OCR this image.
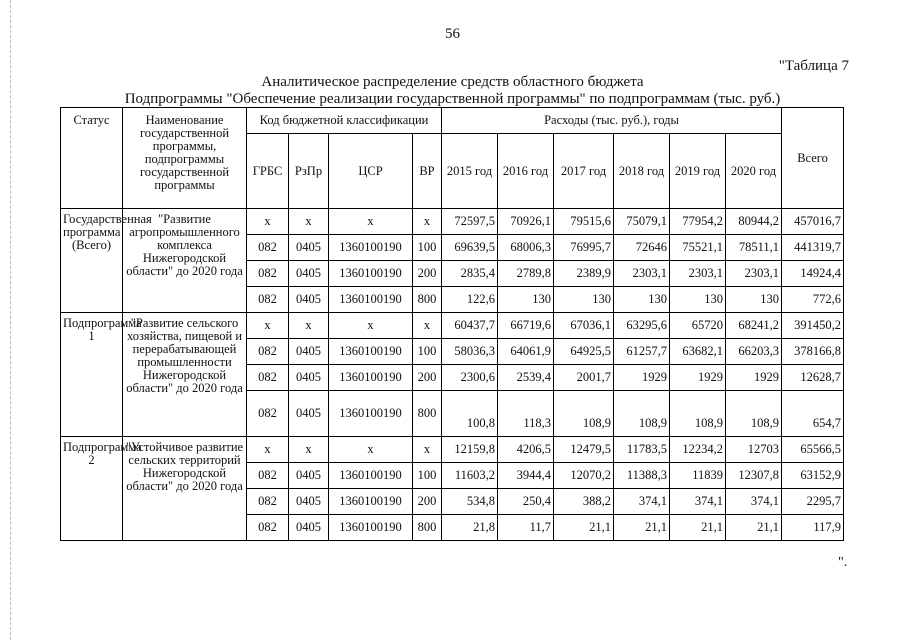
56
"Таблица 7
Аналитическое распределение средств областного бюджета
Подпрограммы "Обеспечение реализации государственной программы" по подпрограммам (тыс. руб.)
Статус	Наименование государственной программы, подпрограммы государственной программы	Код бюджетной классификации				Расходы (тыс. руб.), годы						Всего
		ГРБС	РзПр	ЦСР	ВР	2015 год	2016 год	2017 год	2018 год	2019 год	2020 год	
Государственная программа (Всего)	"Развитие агропромышленного комплекса Нижегородской области" до 2020 года	х	х	х	х	72597,5	70926,1	79515,6	75079,1	77954,2	80944,2	457016,7
		082	0405	1360100190	100	69639,5	68006,3	76995,7	72646	75521,1	78511,1	441319,7
		082	0405	1360100190	200	2835,4	2789,8	2389,9	2303,1	2303,1	2303,1	14924,4
		082	0405	1360100190	800	122,6	130	130	130	130	130	772,6
Подпрограмма 1	"Развитие сельского хозяйства, пищевой и перерабатывающей промышленности Нижегородской области" до 2020 года	х	х	х	х	60437,7	66719,6	67036,1	63295,6	65720	68241,2	391450,2
		082	0405	1360100190	100	58036,3	64061,9	64925,5	61257,7	63682,1	66203,3	378166,8
		082	0405	1360100190	200	2300,6	2539,4	2001,7	1929	1929	1929	12628,7
		082	0405	1360100190	800	100,8	118,3	108,9	108,9	108,9	108,9	654,7
Подпрограмма 2	"Устойчивое развитие сельских территорий Нижегородской области" до 2020 года	х	х	х	х	12159,8	4206,5	12479,5	11783,5	12234,2	12703	65566,5
		082	0405	1360100190	100	11603,2	3944,4	12070,2	11388,3	11839	12307,8	63152,9
		082	0405	1360100190	200	534,8	250,4	388,2	374,1	374,1	374,1	2295,7
		082	0405	1360100190	800	21,8	11,7	21,1	21,1	21,1	21,1	117,9
".
